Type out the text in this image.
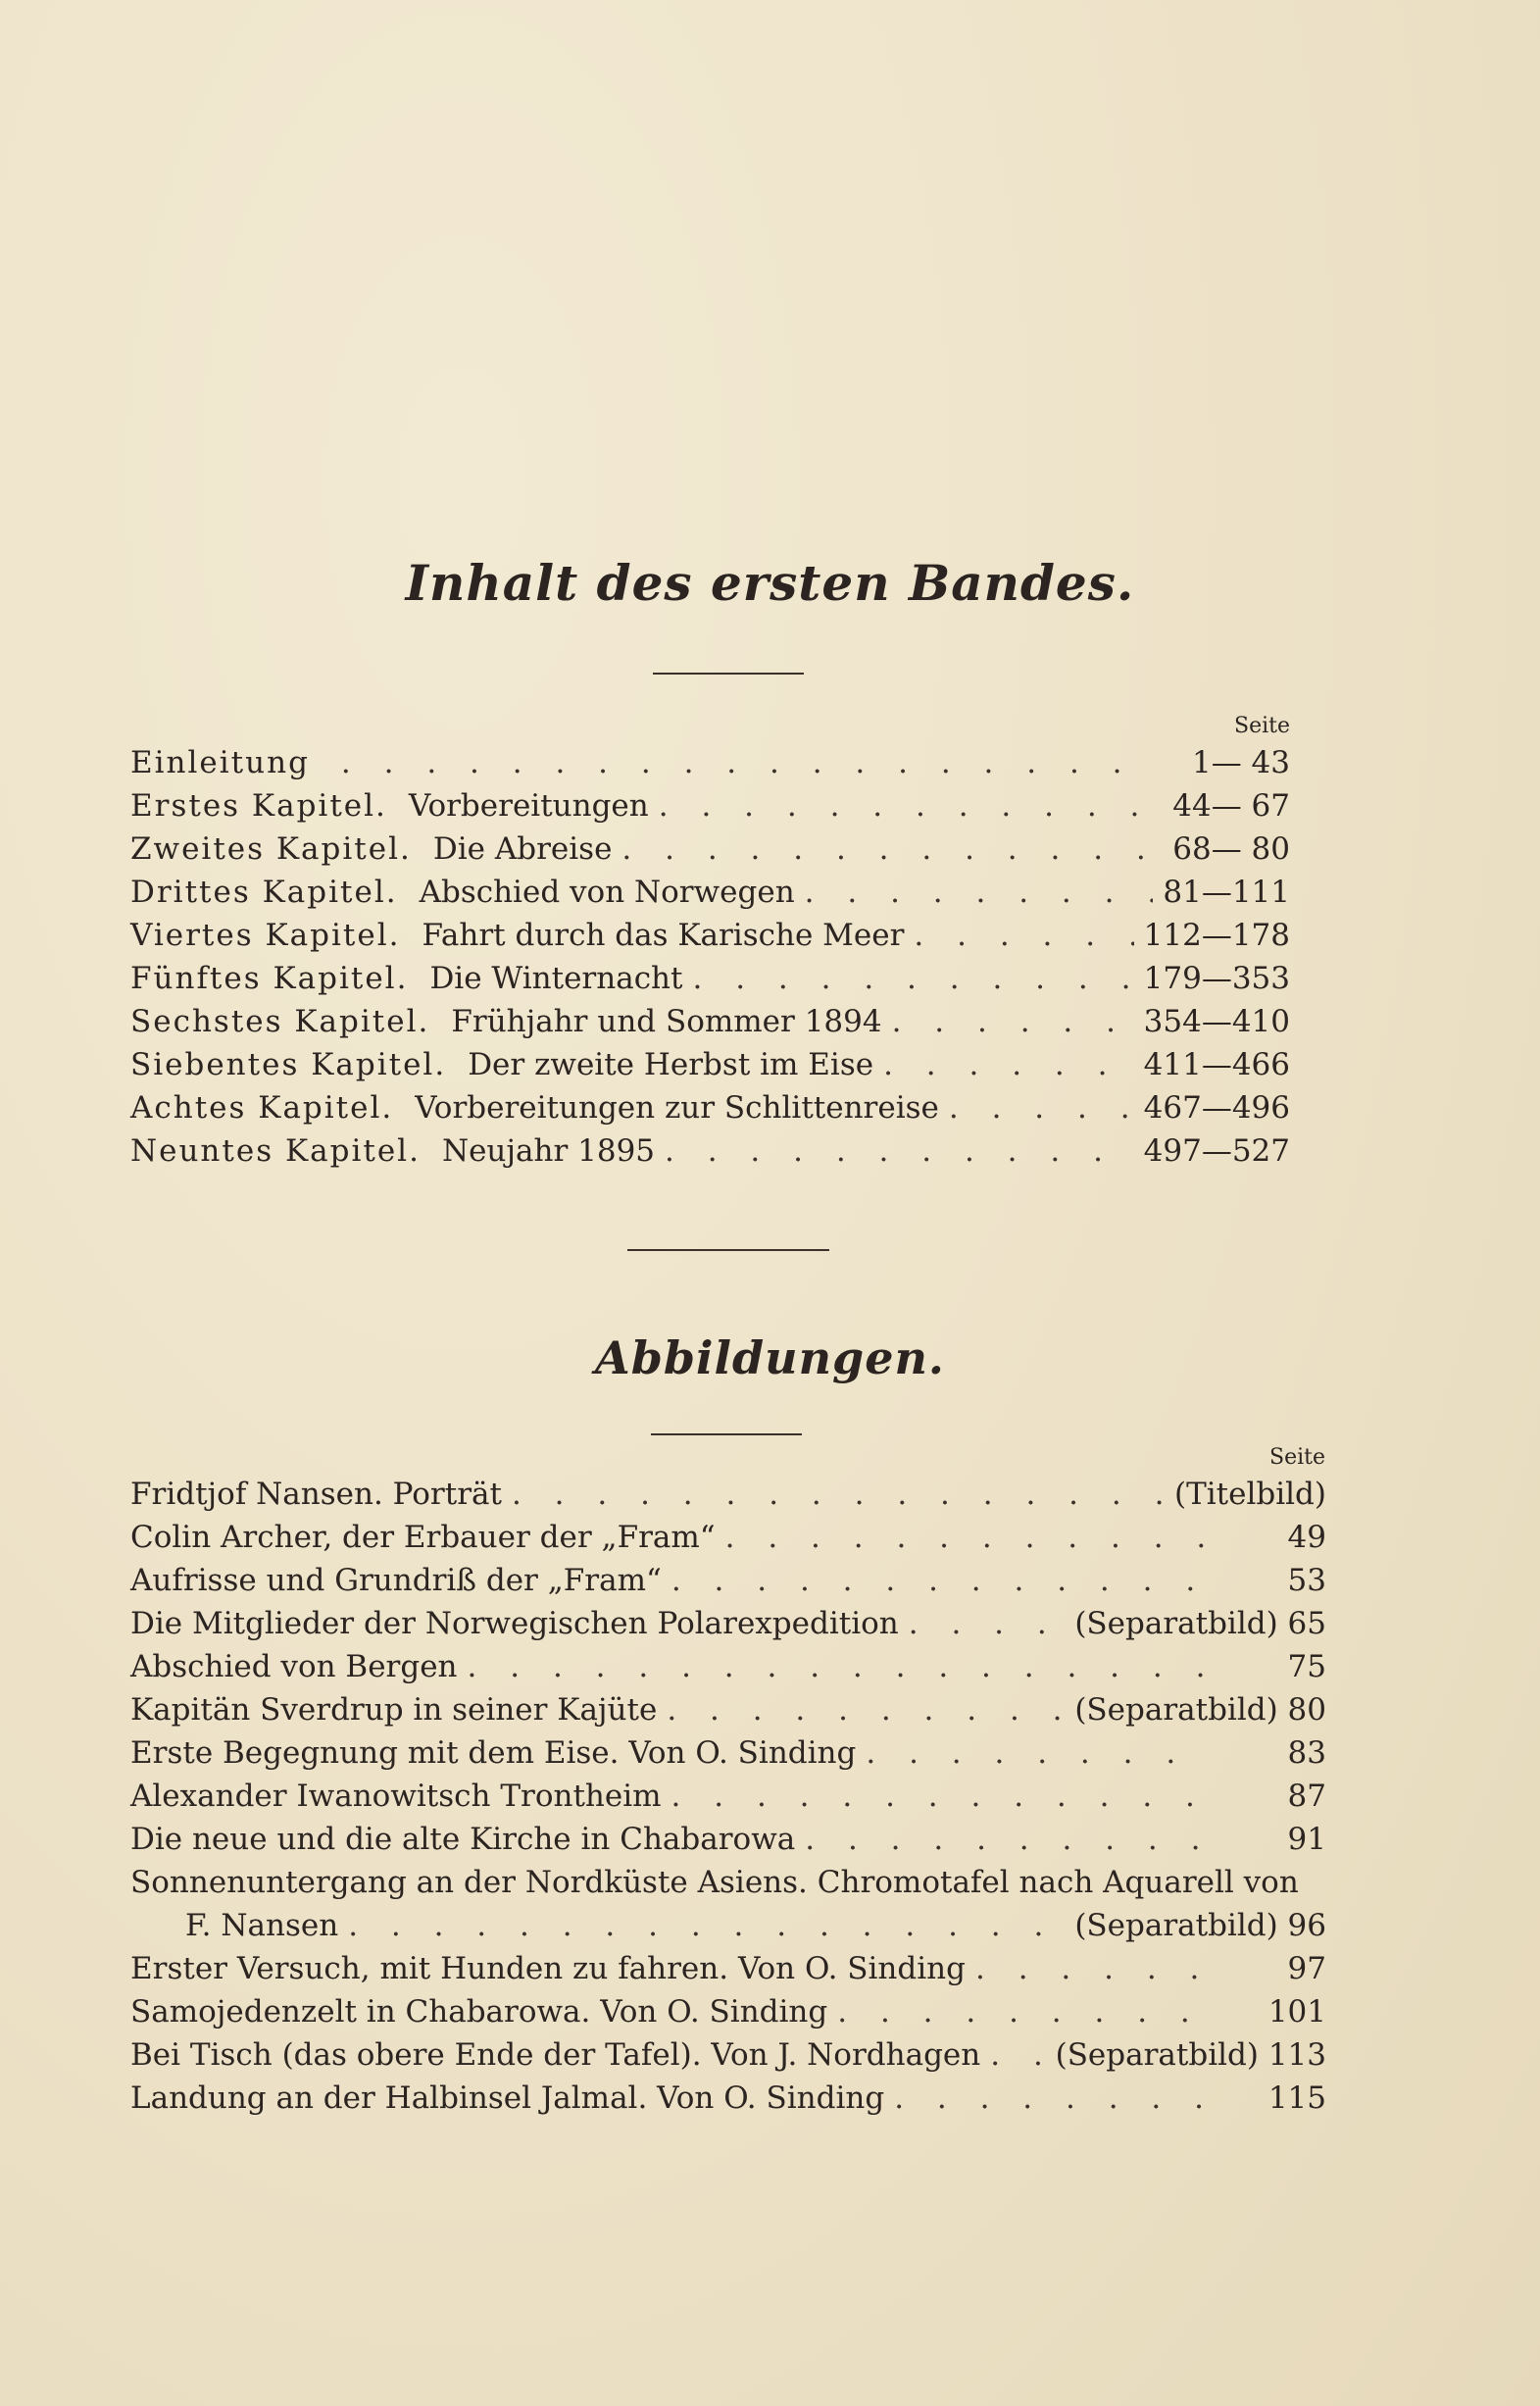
Inhalt des ersten Bandes.
Seite
Einleitung . . .	1— 43
Erstes Kapitel. Vorbereitungen . . .	44— 67
Zweites Kapitel. Die Abreise . . .	68— 80
Drittes Kapitel. Abschied von Norwegen . . .	81—111
Viertes Kapitel. Fahrt durch das Karische Meer . . .	112—178
Fünftes Kapitel. Die Winternacht . . .	179—353
Sechstes Kapitel. Frühjahr und Sommer 1894 . . .	354—410
Siebentes Kapitel. Der zweite Herbst im Eise . . .	411—466
Achtes Kapitel. Vorbereitungen zur Schlittenreise . . .	467—496
Neuntes Kapitel. Neujahr 1895 . . .	497—527
Abbildungen.
Seite
Fridtjof Nansen. Porträt . . .	(Titelbild)
Colin Archer, der Erbauer der „Fram“ . . .	49
Aufrisse und Grundriß der „Fram“ . . .	53
Die Mitglieder der Norwegischen Polarexpedition . . .	(Separatbild) 65
Abschied von Bergen . . .	75
Kapitän Sverdrup in seiner Kajüte . . .	(Separatbild) 80
Erste Begegnung mit dem Eise. Von O. Sinding . . .	83
Alexander Iwanowitsch Trontheim . . .	87
Die neue und die alte Kirche in Chabarowa . . .	91
Sonnenuntergang an der Nordküste Asiens. Chromotafel nach Aquarell von
F. Nansen . . .	(Separatbild) 96
Erster Versuch, mit Hunden zu fahren. Von O. Sinding . . .	97
Samojedenzelt in Chabarowa. Von O. Sinding . . .	101
Bei Tisch (das obere Ende der Tafel). Von J. Nordhagen . . . (Separatbild) 113
Landung an der Halbinsel Jalmal. Von O. Sinding . . .	115
